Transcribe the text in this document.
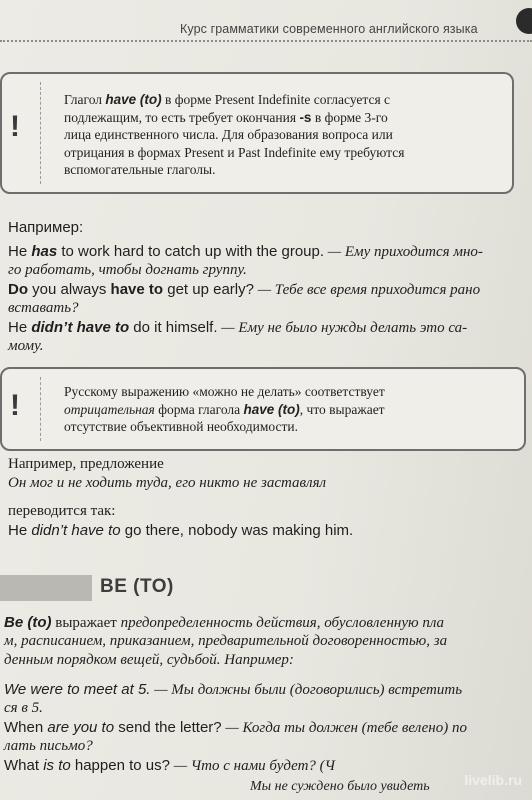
Курс грамматики современного английского языка
!
Глагол have (to) в форме Present Indefinite согласуется с
подлежащим, то есть требует окончания -s в форме 3-го
лица единственного числа. Для образования вопроса или
отрицания в формах Present и Past Indefinite ему требуются
вспомогательные глаголы.
Например:
He has to work hard to catch up with the group. — Ему приходится мно-
го работать, чтобы догнать группу.
Do you always have to get up early? — Тебе все время приходится рано
вставать?
He didn’t have to do it himself. — Ему не было нужды делать это са-
мому.
!	Русскому выражению «можно не делать» соответствует
отрицательная форма глагола have (to), что выражает
отсутствие объективной необходимости.
Например, предложение
Он мог и не ходить туда, его никто не заставлял
переводится так:
He didn’t have to go there, nobody was making him.
BE (TO)
Be (to) выражает предопределенность действия, обусловленную пла
м, расписанием, приказанием, предварительной договоренностью, за
денным порядком вещей, судьбой. Например:
We were to meet at 5. — Мы должны были (договорились) встретить
ся в 5.
When are you to send the letter? — Когда ты должен (тебе велено) по
лать письмо?
What is to happen to us? — Что с нами будет? (Ч
Мы не суждено было увидеть livelib.ru
